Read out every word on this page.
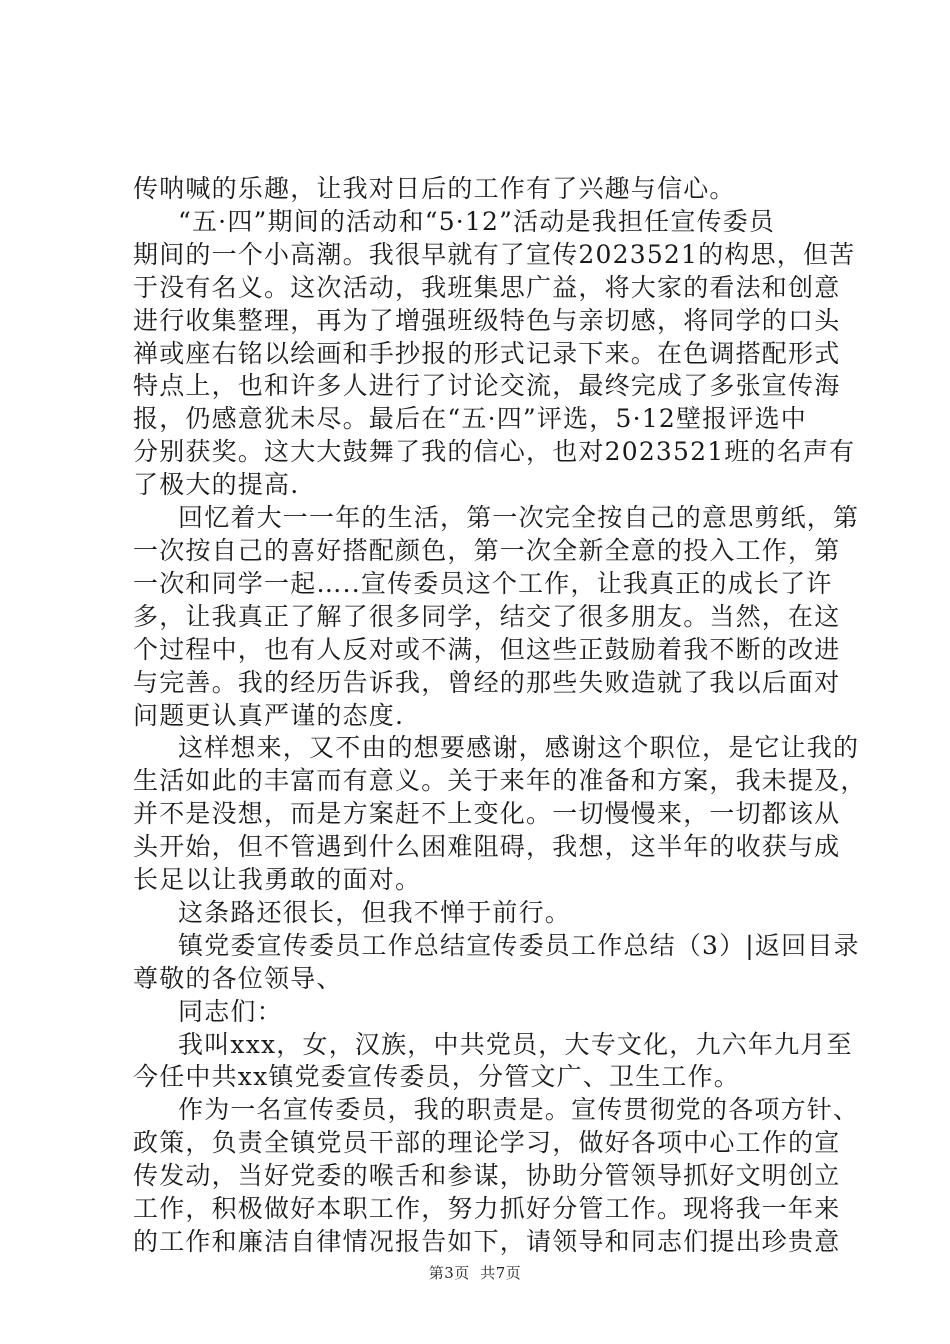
传呐喊的乐趣，让我对日后的工作有了兴趣与信心。
“五·四”期间的活动和“5·12”活动是我担任宣传委员
期间的一个小高潮。我很早就有了宣传2023521的构思，但苦
于没有名义。这次活动，我班集思广益，将大家的看法和创意
进行收集整理，再为了增强班级特色与亲切感，将同学的口头
禅或座右铭以绘画和手抄报的形式记录下来。在色调搭配形式
特点上，也和许多人进行了讨论交流，最终完成了多张宣传海
报，仍感意犹未尽。最后在“五·四”评选，5·12壁报评选中
分别获奖。这大大鼓舞了我的信心，也对2023521班的名声有
了极大的提高.
回忆着大一一年的生活，第一次完全按自己的意思剪纸，第
一次按自己的喜好搭配颜色，第一次全新全意的投入工作，第
一次和同学一起…..宣传委员这个工作，让我真正的成长了许
多，让我真正了解了很多同学，结交了很多朋友。当然，在这
个过程中，也有人反对或不满，但这些正鼓励着我不断的改进
与完善。我的经历告诉我，曾经的那些失败造就了我以后面对
问题更认真严谨的态度.
这样想来，又不由的想要感谢，感谢这个职位，是它让我的
生活如此的丰富而有意义。关于来年的准备和方案，我未提及，
并不是没想，而是方案赶不上变化。一切慢慢来，一切都该从
头开始，但不管遇到什么困难阻碍，我想，这半年的收获与成
长足以让我勇敢的面对。
这条路还很长，但我不惮于前行。
镇党委宣传委员工作总结宣传委员工作总结（3）|返回目录
尊敬的各位领导、
同志们：
我叫xxx，女，汉族，中共党员，大专文化，九六年九月至
今任中共xx镇党委宣传委员，分管文广、卫生工作。
作为一名宣传委员，我的职责是。宣传贯彻党的各项方针、
政策，负责全镇党员干部的理论学习，做好各项中心工作的宣
传发动，当好党委的喉舌和参谋，协助分管领导抓好文明创立
工作，积极做好本职工作，努力抓好分管工作。现将我一年来
的工作和廉洁自律情况报告如下，请领导和同志们提出珍贵意
第3页  共7页
